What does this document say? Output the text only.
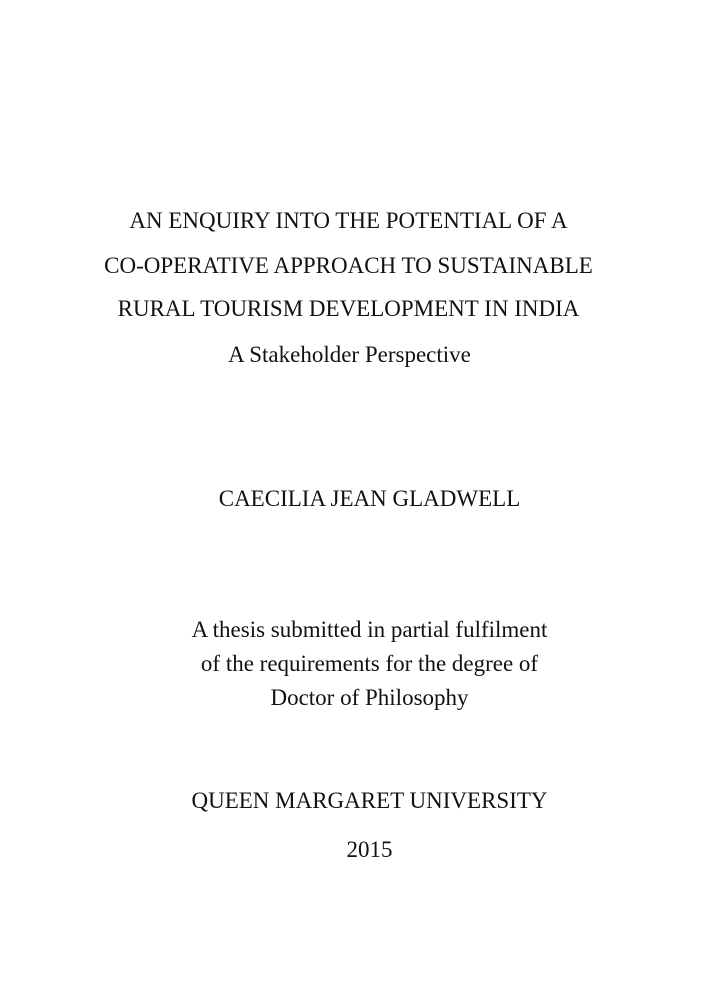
AN ENQUIRY INTO THE POTENTIAL OF A
CO-OPERATIVE APPROACH TO SUSTAINABLE
RURAL TOURISM DEVELOPMENT IN INDIA
A Stakeholder Perspective
CAECILIA JEAN GLADWELL
A thesis submitted in partial fulfilment
of the requirements for the degree of
Doctor of Philosophy
QUEEN MARGARET UNIVERSITY
2015
